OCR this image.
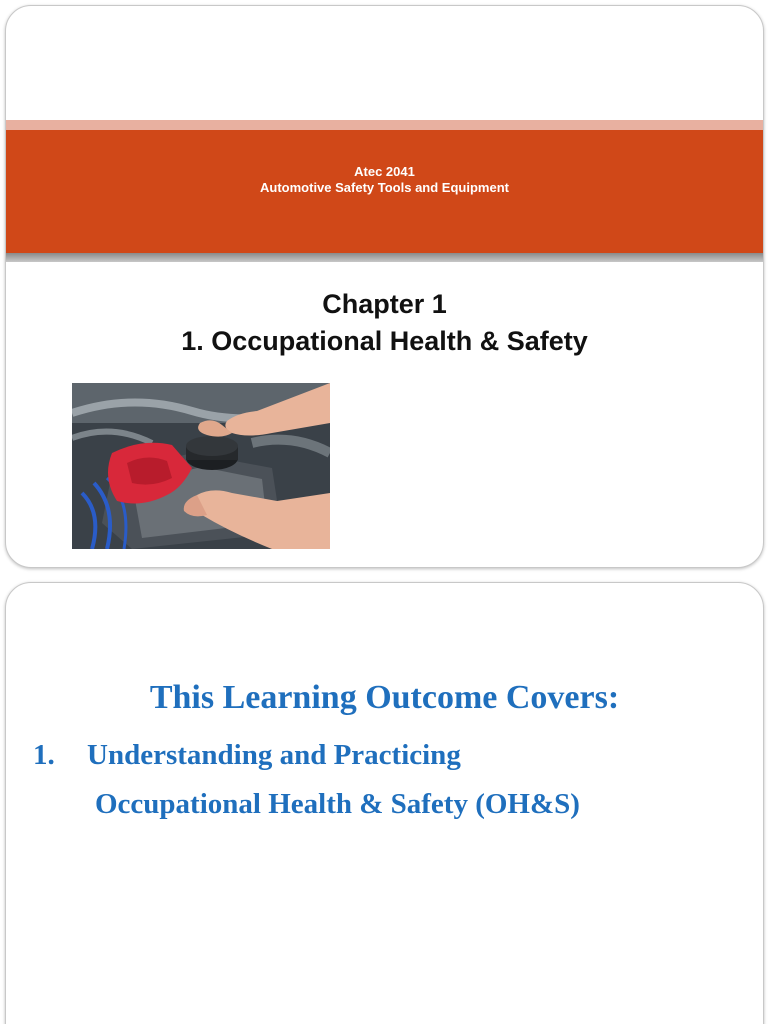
Atec 2041
Automotive Safety Tools and Equipment
Chapter 1
1. Occupational Health & Safety
This Learning Outcome Covers:
1.	Understanding and Practicing
Occupational Health & Safety (OH&S)
